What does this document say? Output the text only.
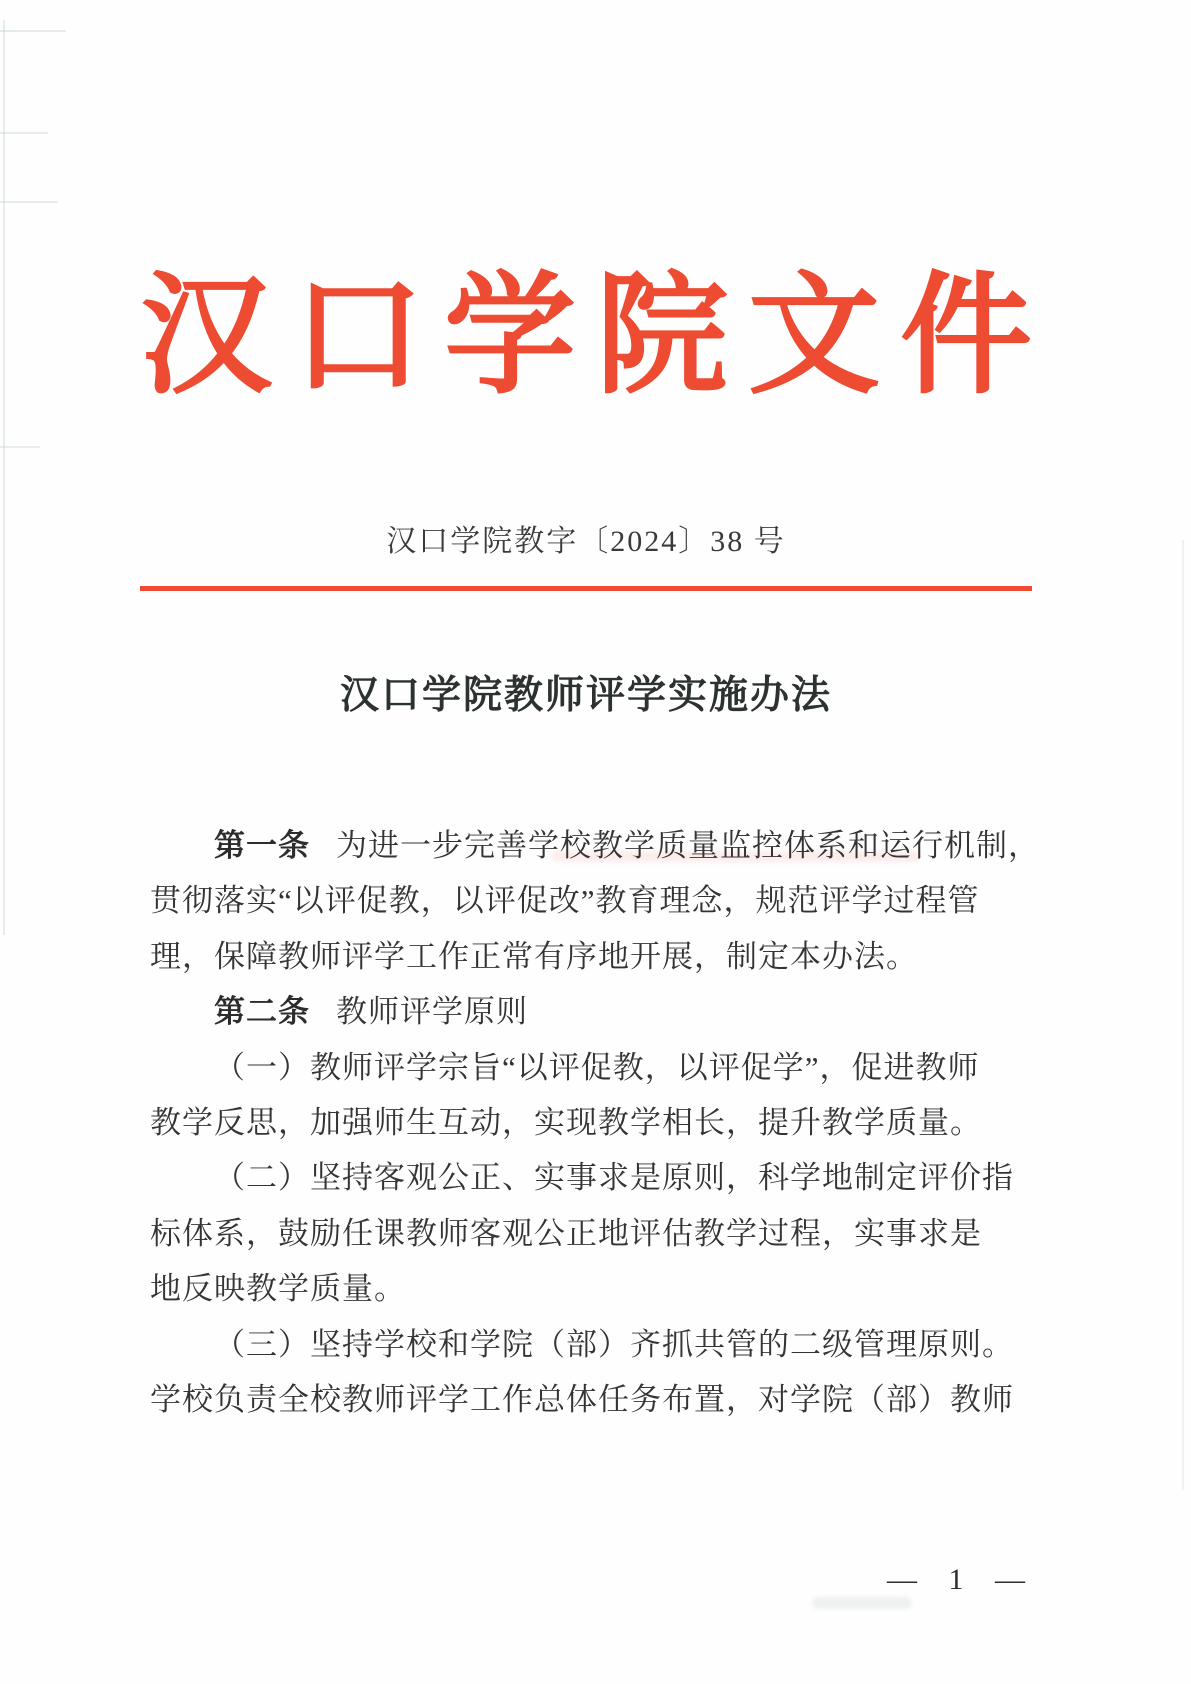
汉 口 学 院 文 件
汉口学院教字〔2024〕38 号
汉口学院教师评学实施办法
第一条 为进一步完善学校教学质量监控体系和运行机制，
贯彻落实“以评促教，以评促改”教育理念，规范评学过程管
理，保障教师评学工作正常有序地开展，制定本办法。
第二条 教师评学原则
（一）教师评学宗旨“以评促教，以评促学”，促进教师
教学反思，加强师生互动，实现教学相长，提升教学质量。
（二）坚持客观公正、实事求是原则，科学地制定评价指
标体系，鼓励任课教师客观公正地评估教学过程，实事求是
地反映教学质量。
（三）坚持学校和学院（部）齐抓共管的二级管理原则。
学校负责全校教师评学工作总体任务布置，对学院（部）教师
— 1 —
